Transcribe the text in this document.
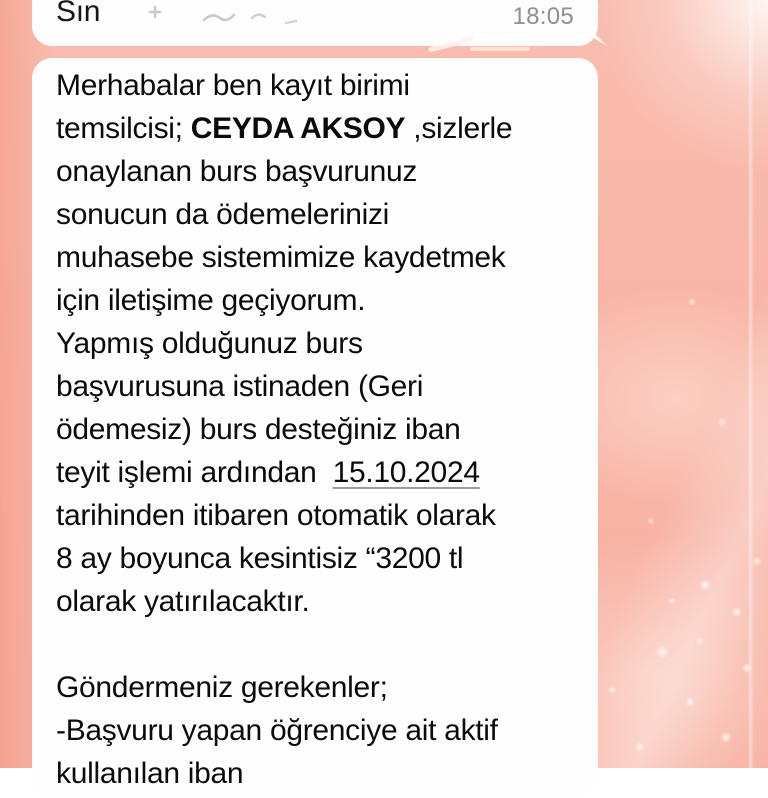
Sın	18:05
Merhabalar ben kayıt birimi
temsilcisi; CEYDA AKSOY ,sizlerle
onaylanan burs başvurunuz
sonucun da ödemelerinizi
muhasebe sistemimize kaydetmek
için iletişime geçiyorum.
Yapmış olduğunuz burs
başvurusuna istinaden (Geri
ödemesiz) burs desteğiniz iban
teyit işlemi ardından  15.10.2024
tarihinden itibaren otomatik olarak
8 ay boyunca kesintisiz “3200 tl
olarak yatırılacaktır.
Göndermeniz gerekenler;
-Başvuru yapan öğrenciye ait aktif
kullanılan iban
